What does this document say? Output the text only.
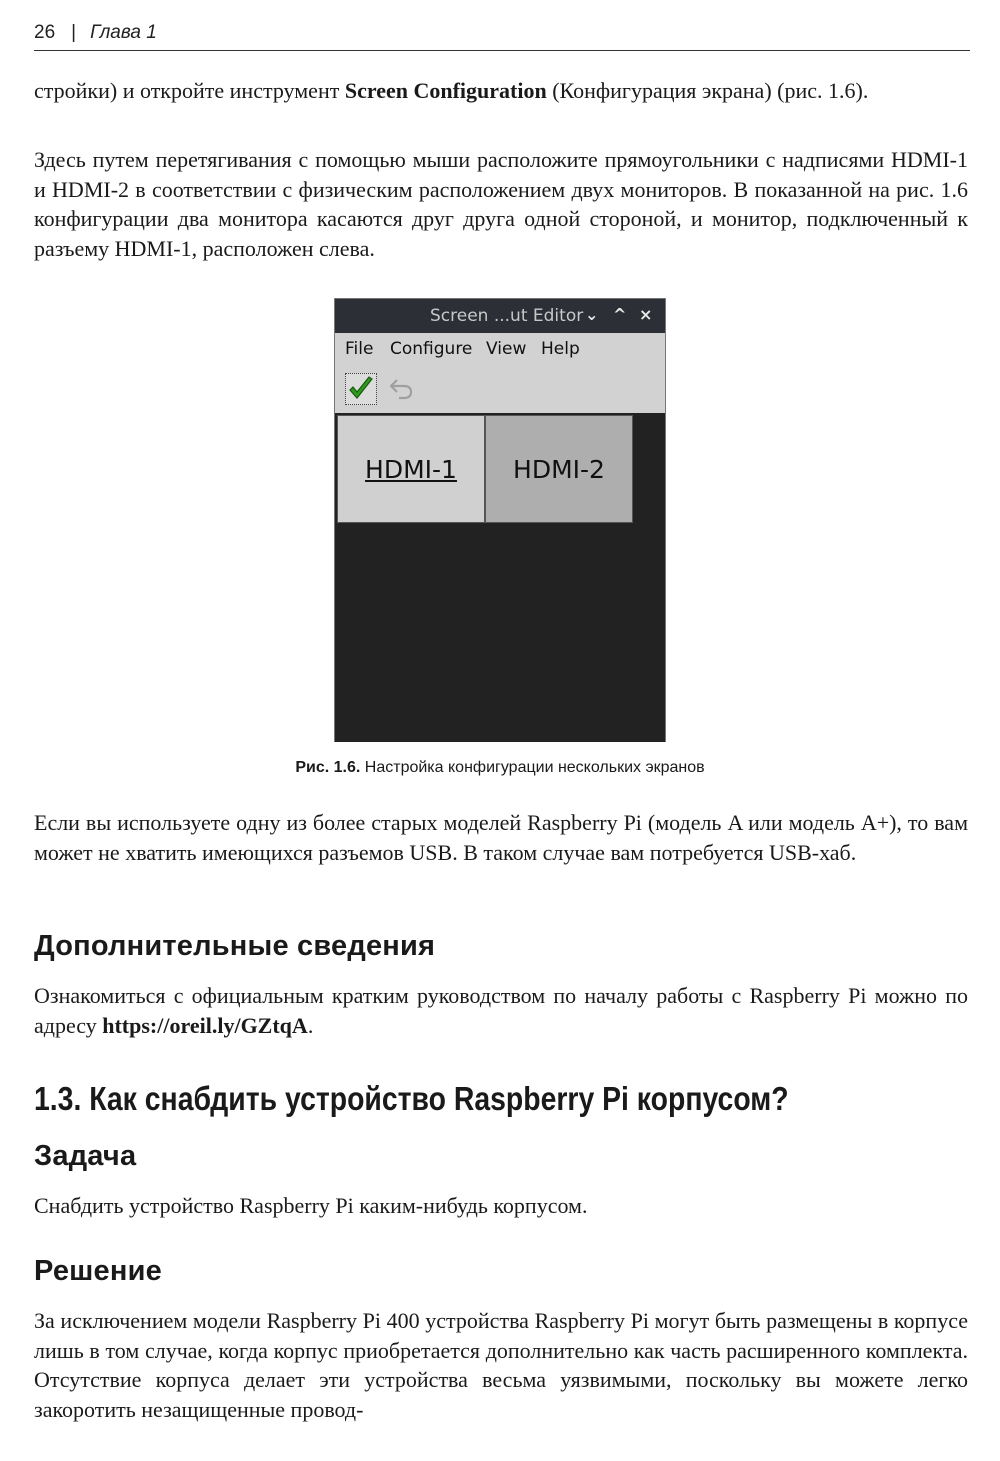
26 | Глава 1

стройки) и откройте инструмент Screen Configuration (Конфигурация экрана) (рис. 1.6).

Здесь путем перетягивания с помощью мыши расположите прямоугольники с надписями HDMI-1 и HDMI-2 в соответствии с физическим расположением двух мониторов. В показанной на рис. 1.6 конфигурации два монитора касаются друг друга одной стороной, и монитор, подключенный к разъему HDMI-1, расположен слева.

Screen ...ut Editor ⌄ ^ ×
File Configure View Help
HDMI-1	HDMI-2
Рис. 1.6. Настройка конфигурации нескольких экранов

Если вы используете одну из более старых моделей Raspberry Pi (модель A или модель A+), то вам может не хватить имеющихся разъемов USB. В таком случае вам потребуется USB-хаб.

Дополнительные сведения

Ознакомиться с официальным кратким руководством по началу работы с Raspberry Pi можно по адресу https://oreil.ly/GZtqA.

1.3. Как снабдить устройство Raspberry Pi корпусом?
Задача

Снабдить устройство Raspberry Pi каким-нибудь корпусом.

Решение

За исключением модели Raspberry Pi 400 устройства Raspberry Pi могут быть размещены в корпусе лишь в том случае, когда корпус приобретается дополнительно как часть расширенного комплекта. Отсутствие корпуса делает эти устройства весьма уязвимыми, поскольку вы можете легко закоротить незащищенные провод-
